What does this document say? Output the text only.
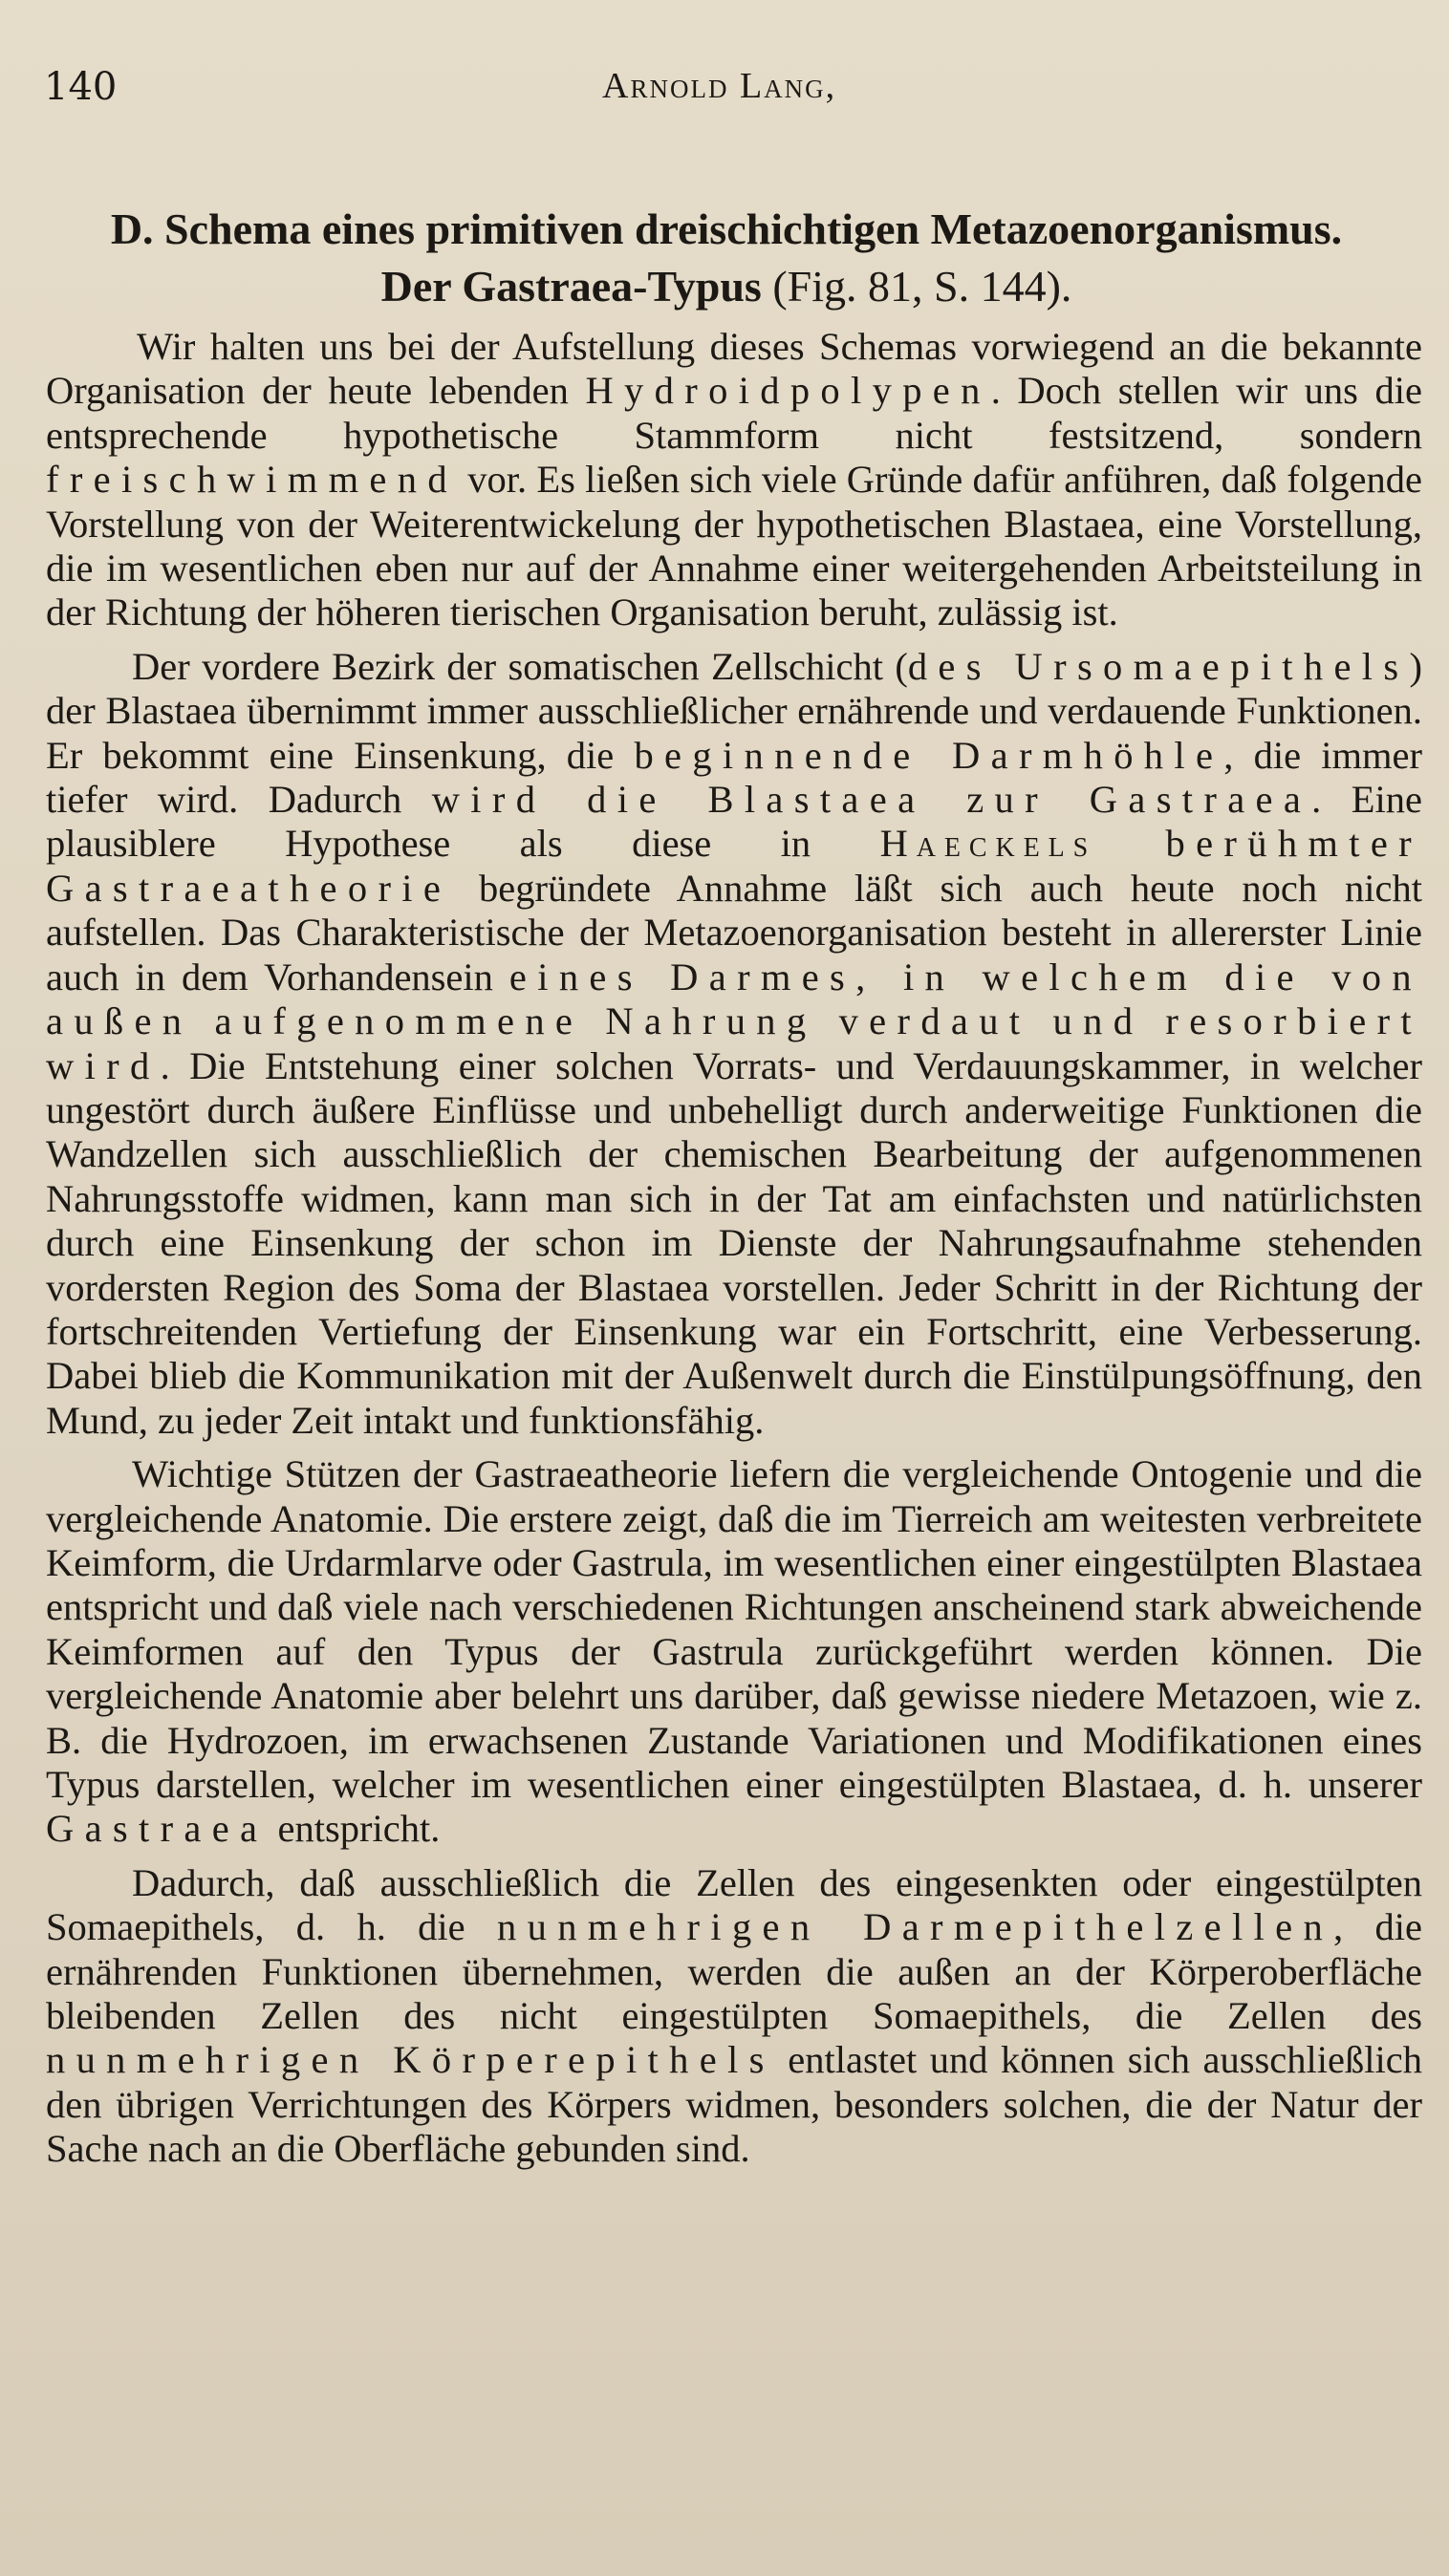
140	Arnold Lang,
D. Schema eines primitiven dreischichtigen Metazoenorganismus.
Der Gastraea-Typus (Fig. 81, S. 144).

Wir halten uns bei der Aufstellung dieses Schemas vorwiegend an die bekannte Organisation der heute lebenden Hydroidpolypen. Doch stellen wir uns die entsprechende hypothetische Stammform nicht festsitzend, sondern freischwimmend vor. Es ließen sich viele Gründe dafür anführen, daß folgende Vorstellung von der Weiterentwickelung der hypothetischen Blastaea, eine Vorstellung, die im wesentlichen eben nur auf der Annahme einer weitergehenden Arbeitsteilung in der Richtung der höheren tierischen Organisation beruht, zulässig ist.

Der vordere Bezirk der somatischen Zellschicht (des Ursomaepithels) der Blastaea übernimmt immer ausschließlicher ernährende und verdauende Funktionen. Er bekommt eine Einsenkung, die beginnende Darmhöhle, die immer tiefer wird. Dadurch wird die Blastaea zur Gastraea. Eine plausiblere Hypothese als diese in Haeckels berühmter Gastraeatheorie begründete Annahme läßt sich auch heute noch nicht aufstellen. Das Charakteristische der Metazoenorganisation besteht in allererster Linie auch in dem Vorhandensein eines Darmes, in welchem die von außen aufgenommene Nahrung verdaut und resorbiert wird. Die Entstehung einer solchen Vorrats- und Verdauungskammer, in welcher ungestört durch äußere Einflüsse und unbehelligt durch anderweitige Funktionen die Wandzellen sich ausschließlich der chemischen Bearbeitung der aufgenommenen Nahrungsstoffe widmen, kann man sich in der Tat am einfachsten und natürlichsten durch eine Einsenkung der schon im Dienste der Nahrungsaufnahme stehenden vordersten Region des Soma der Blastaea vorstellen. Jeder Schritt in der Richtung der fortschreitenden Vertiefung der Einsenkung war ein Fortschritt, eine Verbesserung. Dabei blieb die Kommunikation mit der Außenwelt durch die Einstülpungsöffnung, den Mund, zu jeder Zeit intakt und funktionsfähig.

Wichtige Stützen der Gastraeatheorie liefern die vergleichende Ontogenie und die vergleichende Anatomie. Die erstere zeigt, daß die im Tierreich am weitesten verbreitete Keimform, die Urdarmlarve oder Gastrula, im wesentlichen einer eingestülpten Blastaea entspricht und daß viele nach verschiedenen Richtungen anscheinend stark abweichende Keimformen auf den Typus der Gastrula zurückgeführt werden können. Die vergleichende Anatomie aber belehrt uns darüber, daß gewisse niedere Metazoen, wie z. B. die Hydrozoen, im erwachsenen Zustande Variationen und Modifikationen eines Typus darstellen, welcher im wesentlichen einer eingestülpten Blastaea, d. h. unserer Gastraea entspricht.

Dadurch, daß ausschließlich die Zellen des eingesenkten oder eingestülpten Somaepithels, d. h. die nunmehrigen Darmepithelzellen, die ernährenden Funktionen übernehmen, werden die außen an der Körperoberfläche bleibenden Zellen des nicht eingestülpten Somaepithels, die Zellen des nunmehrigen Körperepithels entlastet und können sich ausschließlich den übrigen Verrichtungen des Körpers widmen, besonders solchen, die der Natur der Sache nach an die Oberfläche gebunden sind.
